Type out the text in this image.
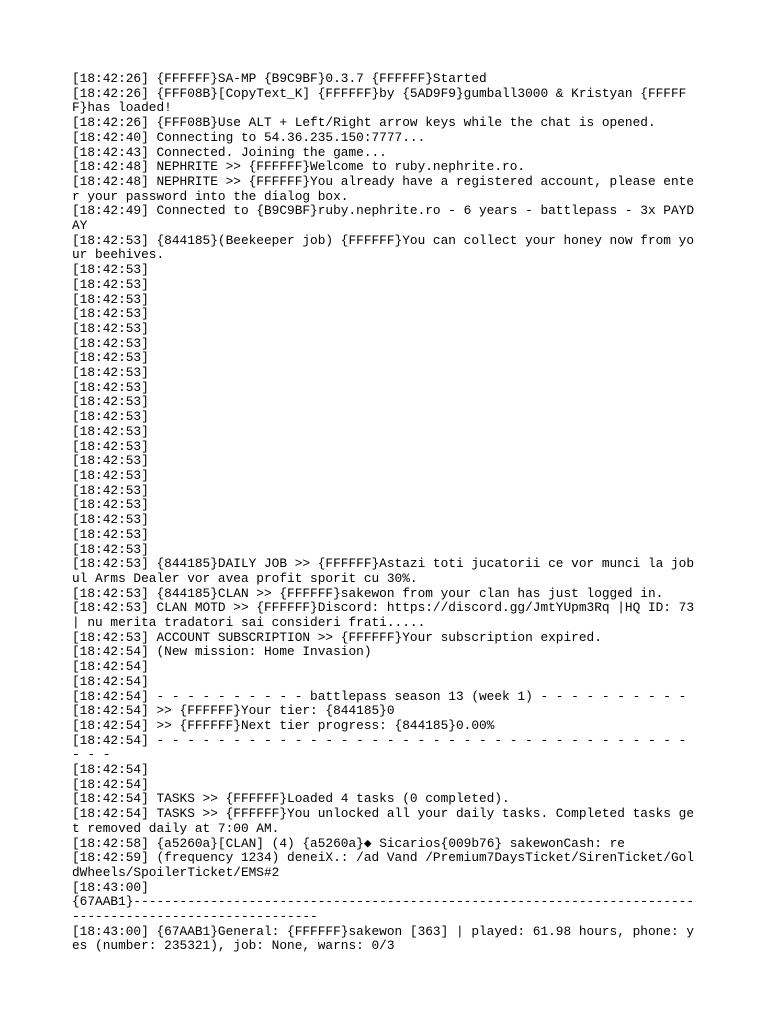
[18:42:26] {FFFFFF}SA-MP {B9C9BF}0.3.7 {FFFFFF}Started
[18:42:26] {FFF08B}[CopyText_K] {FFFFFF}by {5AD9F9}gumball3000 & Kristyan {FFFFFF}has loaded!
[18:42:26] {FFF08B}Use ALT + Left/Right arrow keys while the chat is opened.
[18:42:40] Connecting to 54.36.235.150:7777...
[18:42:43] Connected. Joining the game...
[18:42:48] NEPHRITE >> {FFFFFF}Welcome to ruby.nephrite.ro.
[18:42:48] NEPHRITE >> {FFFFFF}You already have a registered account, please enter your password into the dialog box.
[18:42:49] Connected to {B9C9BF}ruby.nephrite.ro - 6 years - battlepass - 3x PAYDAY
[18:42:53] {844185}(Beekeeper job) {FFFFFF}You can collect your honey now from your beehives.
[18:42:53]
[18:42:53]
[18:42:53]
[18:42:53]
[18:42:53]
[18:42:53]
[18:42:53]
[18:42:53]
[18:42:53]
[18:42:53]
[18:42:53]
[18:42:53]
[18:42:53]
[18:42:53]
[18:42:53]
[18:42:53]
[18:42:53]
[18:42:53]
[18:42:53]
[18:42:53]
[18:42:53] {844185}DAILY JOB >> {FFFFFF}Astazi toti jucatorii ce vor munci la jobul Arms Dealer vor avea profit sporit cu 30%.
[18:42:53] {844185}CLAN >> {FFFFFF}sakewon from your clan has just logged in.
[18:42:53] CLAN MOTD >> {FFFFFF}Discord: https://discord.gg/JmtYUpm3Rq |HQ ID: 73 | nu merita tradatori sai consideri frati.....
[18:42:53] ACCOUNT SUBSCRIPTION >> {FFFFFF}Your subscription expired.
[18:42:54] (New mission: Home Invasion)
[18:42:54]
[18:42:54]
[18:42:54] - - - - - - - - - - battlepass season 13 (week 1) - - - - - - - - - -
[18:42:54] >> {FFFFFF}Your tier: {844185}0
[18:42:54] >> {FFFFFF}Next tier progress: {844185}0.00%
[18:42:54] - - - - - - - - - - - - - - - - - - - - - - - - - - - - - - - - - - - - - -
[18:42:54]
[18:42:54]
[18:42:54] TASKS >> {FFFFFF}Loaded 4 tasks (0 completed).
[18:42:54] TASKS >> {FFFFFF}You unlocked all your daily tasks. Completed tasks get removed daily at 7:00 AM.
[18:42:58] {a5260a}[CLAN] (4) {a5260a}◆ Sicarios{009b76} sakewonCash: re
[18:42:59] (frequency 1234) deneiX.: /ad Vand /Premium7DaysTicket/SirenTicket/GoldWheels/SpoilerTicket/EMS#2
[18:43:00]
{67AAB1}---------------------------------------------------------------------------------------------------------
[18:43:00] {67AAB1}General: {FFFFFF}sakewon [363] | played: 61.98 hours, phone: yes (number: 235321), job: None, warns: 0/3
